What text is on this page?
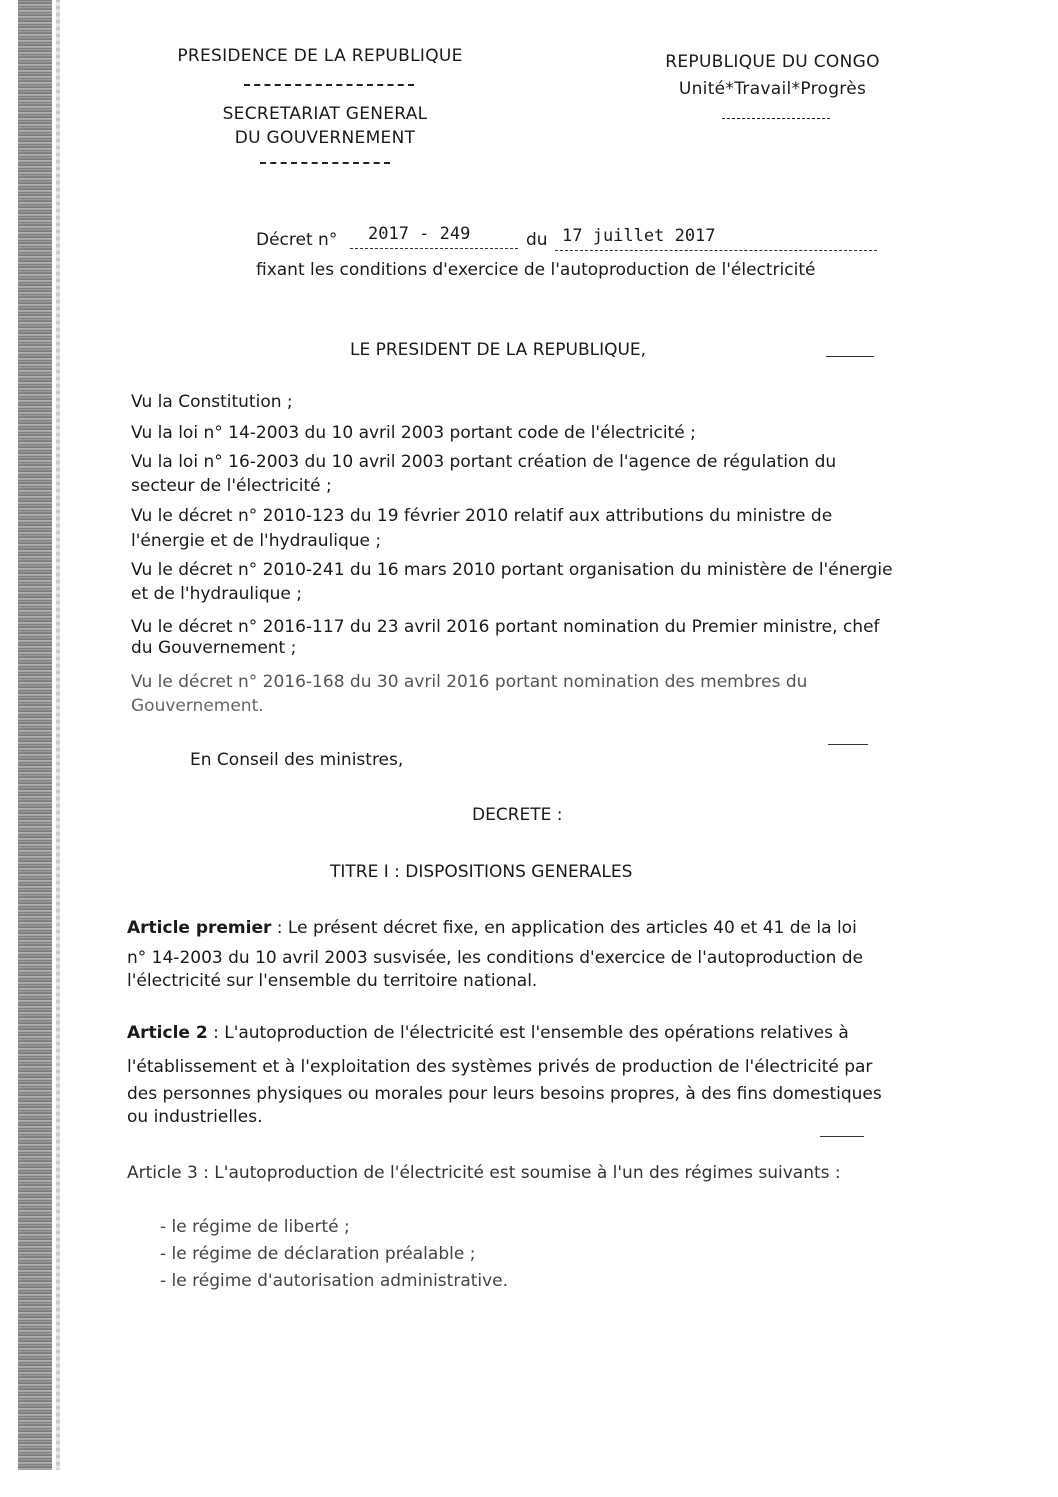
PRESIDENCE DE LA REPUBLIQUE
SECRETARIAT GENERAL
DU GOUVERNEMENT
REPUBLIQUE DU CONGO
Unité*Travail*Progrès
Décret n° 2017 - 249	du 17 juillet 2017
fixant les conditions d'exercice de l'autoproduction de l'électricité
LE PRESIDENT DE LA REPUBLIQUE,
Vu la Constitution ;
Vu la loi n° 14-2003 du 10 avril 2003 portant code de l'électricité ;
Vu la loi n° 16-2003 du 10 avril 2003 portant création de l'agence de régulation du
secteur de l'électricité ;
Vu le décret n° 2010-123 du 19 février 2010 relatif aux attributions du ministre de
l'énergie et de l'hydraulique ;
Vu le décret n° 2010-241 du 16 mars 2010 portant organisation du ministère de l'énergie
et de l'hydraulique ;
Vu le décret n° 2016-117 du 23 avril 2016 portant nomination du Premier ministre, chef
du Gouvernement ;
Vu le décret n° 2016-168 du 30 avril 2016 portant nomination des membres du
Gouvernement.
En Conseil des ministres,
DECRETE :
TITRE I : DISPOSITIONS GENERALES
Article premier : Le présent décret fixe, en application des articles 40 et 41 de la loi
n° 14-2003 du 10 avril 2003 susvisée, les conditions d'exercice de l'autoproduction de
l'électricité sur l'ensemble du territoire national.
Article 2 : L'autoproduction de l'électricité est l'ensemble des opérations relatives à
l'établissement et à l'exploitation des systèmes privés de production de l'électricité par
des personnes physiques ou morales pour leurs besoins propres, à des fins domestiques
ou industrielles.
Article 3 : L'autoproduction de l'électricité est soumise à l'un des régimes suivants :
- le régime de liberté ;
- le régime de déclaration préalable ;
- le régime d'autorisation administrative.
